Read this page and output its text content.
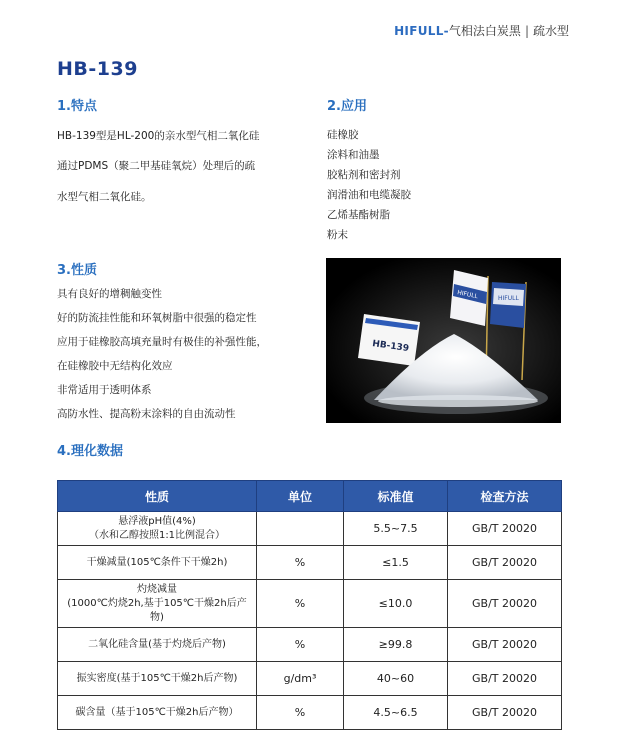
HIFULL-气相法白炭黑 | 疏水型
HB-139
1.特点
HB-139型是HL-200的亲水型气相二氧化硅
通过PDMS（聚二甲基硅氧烷）处理后的疏
水型气相二氧化硅。
2.应用
硅橡胶
涂料和油墨
胶粘剂和密封剂
润滑油和电缆凝胶
乙烯基酯树脂
粉末
3.性质
具有良好的增稠触变性
好的防流挂性能和环氧树脂中很强的稳定性
应用于硅橡胶高填充量时有极佳的补强性能，
在硅橡胶中无结构化效应
非常适用于透明体系
高防水性、提高粉末涂料的自由流动性
HIFULL	HIFULL
HB-139
4.理化数据
性质	单位	标准值	检查方法

悬浮液pH值(4%)
（水和乙醇按照1:1比例混合）		5.5~7.5	GB/T 20020
干燥减量(105℃条件下干燥2h)	%	≤1.5	GB/T 20020

灼烧减量
(1000℃灼烧2h,基于105℃干燥2h后产物)	%	≤10.0	GB/T 20020
二氧化硅含量(基于灼烧后产物)	%	≥99.8	GB/T 20020
振实密度(基于105℃干燥2h后产物)	g/dm³	40~60	GB/T 20020
碳含量（基于105℃干燥2h后产物）	%	4.5~6.5	GB/T 20020
